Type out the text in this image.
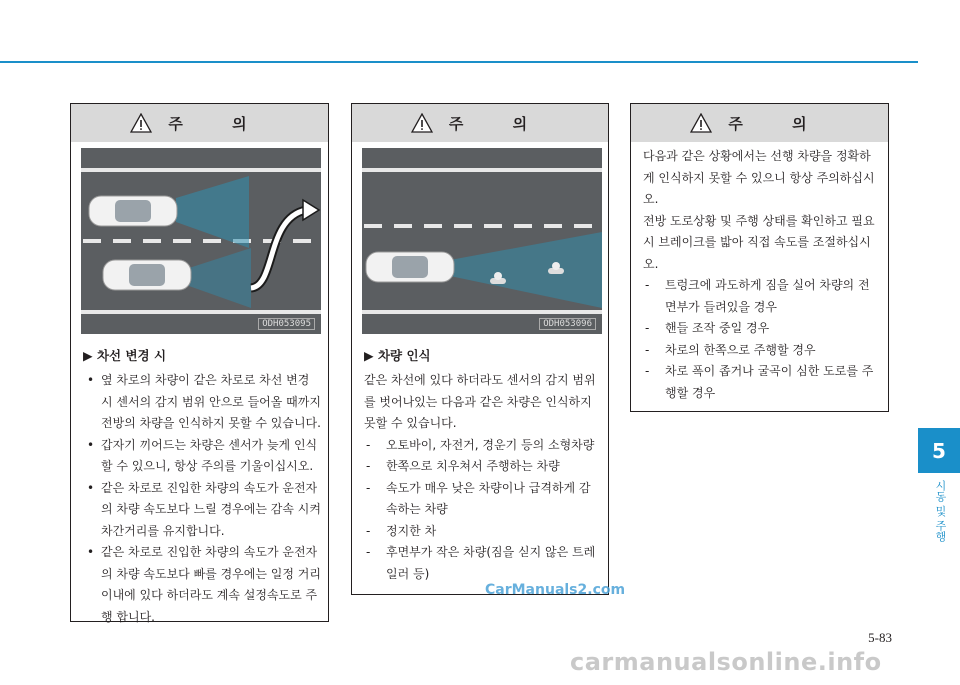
주 의
ODH053095
▶ 차선 변경 시

• 옆 차로의 차량이 같은 차로로 차선 변경 시 센서의 감지 범위 안으로 들어올 때까지 전방의 차량을 인식하지 못할 수 있습니다.

• 갑자기 끼어드는 차량은 센서가 늦게 인식할 수 있으니, 항상 주의를 기울이십시오.

• 같은 차로로 진입한 차량의 속도가 운전자의 차량 속도보다 느릴 경우에는 감속 시켜 차간거리를 유지합니다.

• 같은 차로로 진입한 차량의 속도가 운전자의 차량 속도보다 빠를 경우에는 일정 거리 이내에 있다 하더라도 계속 설정속도로 주행 합니다.

주 의
ODH053096
▶ 차량 인식

같은 차선에 있다 하더라도 센서의 감지 범위를 벗어나있는 다음과 같은 차량은 인식하지 못할 수 있습니다.

- 오토바이, 자전거, 경운기 등의 소형차량

- 한쪽으로 치우쳐서 주행하는 차량

- 속도가 매우 낮은 차량이나 급격하게 감속하는 차량

- 정지한 차

- 후면부가 작은 차량(짐을 싣지 않은 트레일러 등)

주 의

다음과 같은 상황에서는 선행 차량을 정확하게 인식하지 못할 수 있으니 항상 주의하십시오.

전방 도로상황 및 주행 상태를 확인하고 필요 시 브레이크를 밟아 직접 속도를 조절하십시오.

- 트렁크에 과도하게 짐을 실어 차량의 전면부가 들려있을 경우

- 핸들 조작 중일 경우

- 차로의 한쪽으로 주행할 경우

- 차로 폭이 좁거나 굴곡이 심한 도로를 주행할 경우

5
시동 및 주행
5-83
CarManuals2.com
carmanualsonline.info
